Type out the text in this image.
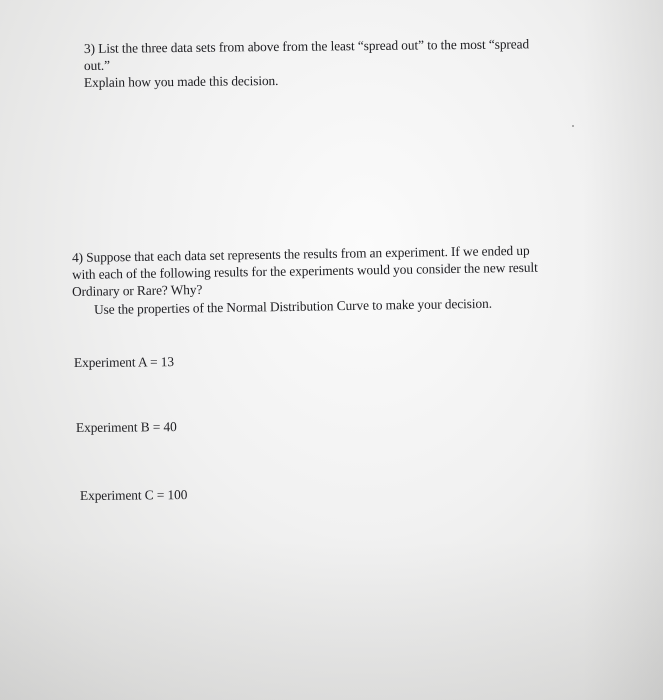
3) List the three data sets from above from the least “spread out” to the most “spread
out.”
Explain how you made this decision.
4) Suppose that each data set represents the results from an experiment. If we ended up
with each of the following results for the experiments would you consider the new result
Ordinary or Rare? Why?
Use the properties of the Normal Distribution Curve to make your decision.
Experiment A = 13
Experiment B = 40
Experiment C = 100
